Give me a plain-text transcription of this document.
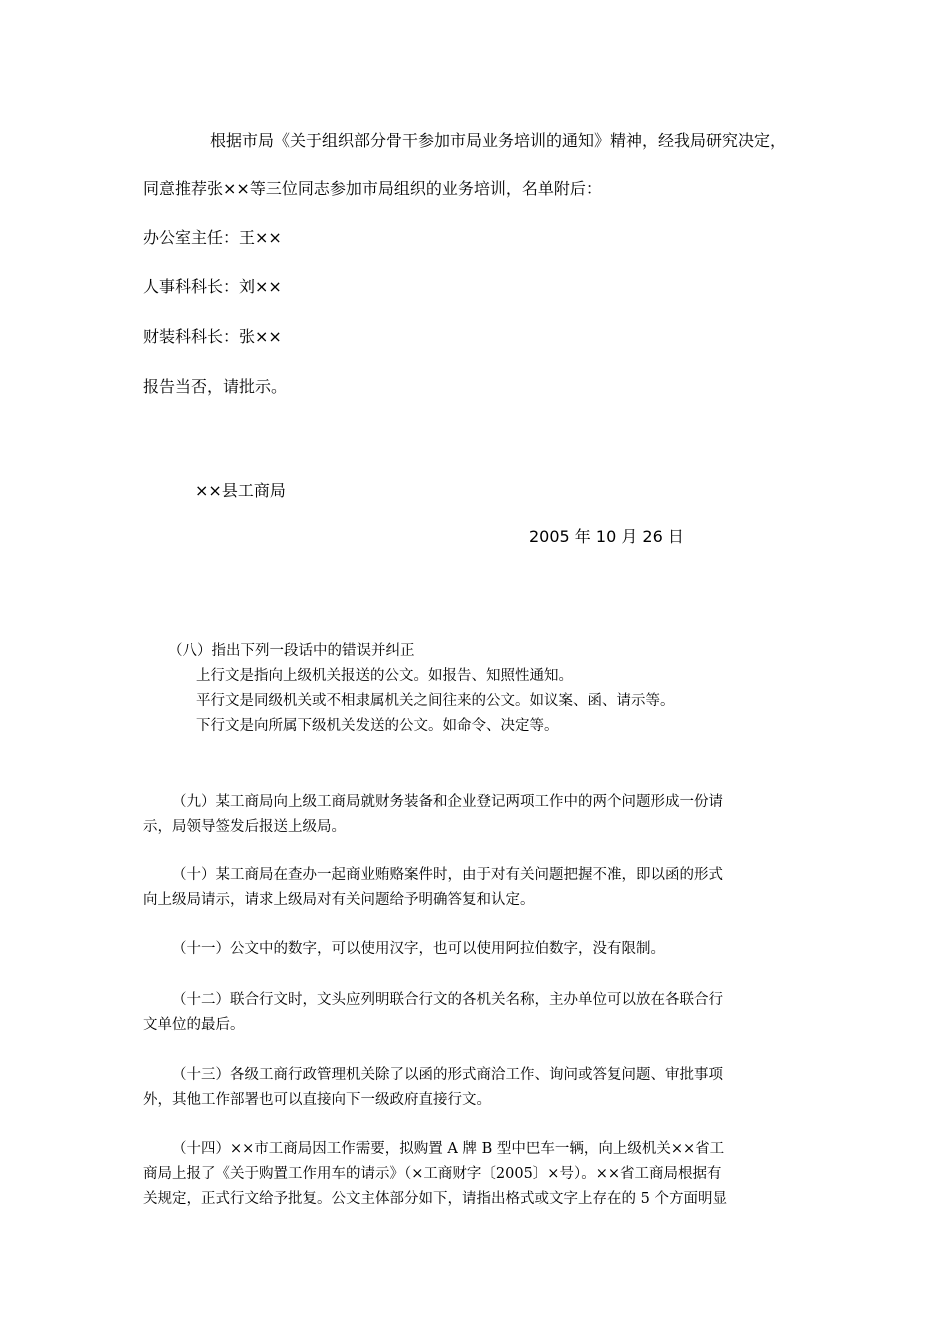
根据市局《关于组织部分骨干参加市局业务培训的通知》精神，经我局研究决定，
同意推荐张××等三位同志参加市局组织的业务培训，名单附后：
办公室主任：王××
人事科科长：刘××
财装科科长：张××
报告当否，请批示。
××县工商局
2005 年 10 月 26 日
（八）指出下列一段话中的错误并纠正
上行文是指向上级机关报送的公文。如报告、知照性通知。
平行文是同级机关或不相隶属机关之间往来的公文。如议案、函、请示等。
下行文是向所属下级机关发送的公文。如命令、决定等。
（九）某工商局向上级工商局就财务装备和企业登记两项工作中的两个问题形成一份请
示，局领导签发后报送上级局。
（十）某工商局在查办一起商业贿赂案件时，由于对有关问题把握不准，即以函的形式
向上级局请示，请求上级局对有关问题给予明确答复和认定。
（十一）公文中的数字，可以使用汉字，也可以使用阿拉伯数字，没有限制。
（十二）联合行文时，文头应列明联合行文的各机关名称，主办单位可以放在各联合行
文单位的最后。
（十三）各级工商行政管理机关除了以函的形式商洽工作、询问或答复问题、审批事项
外，其他工作部署也可以直接向下一级政府直接行文。
（十四）××市工商局因工作需要，拟购置 A 牌 B 型中巴车一辆，向上级机关××省工
商局上报了《关于购置工作用车的请示》（×工商财字〔2005〕×号）。××省工商局根据有
关规定，正式行文给予批复。公文主体部分如下，请指出格式或文字上存在的 5 个方面明显
